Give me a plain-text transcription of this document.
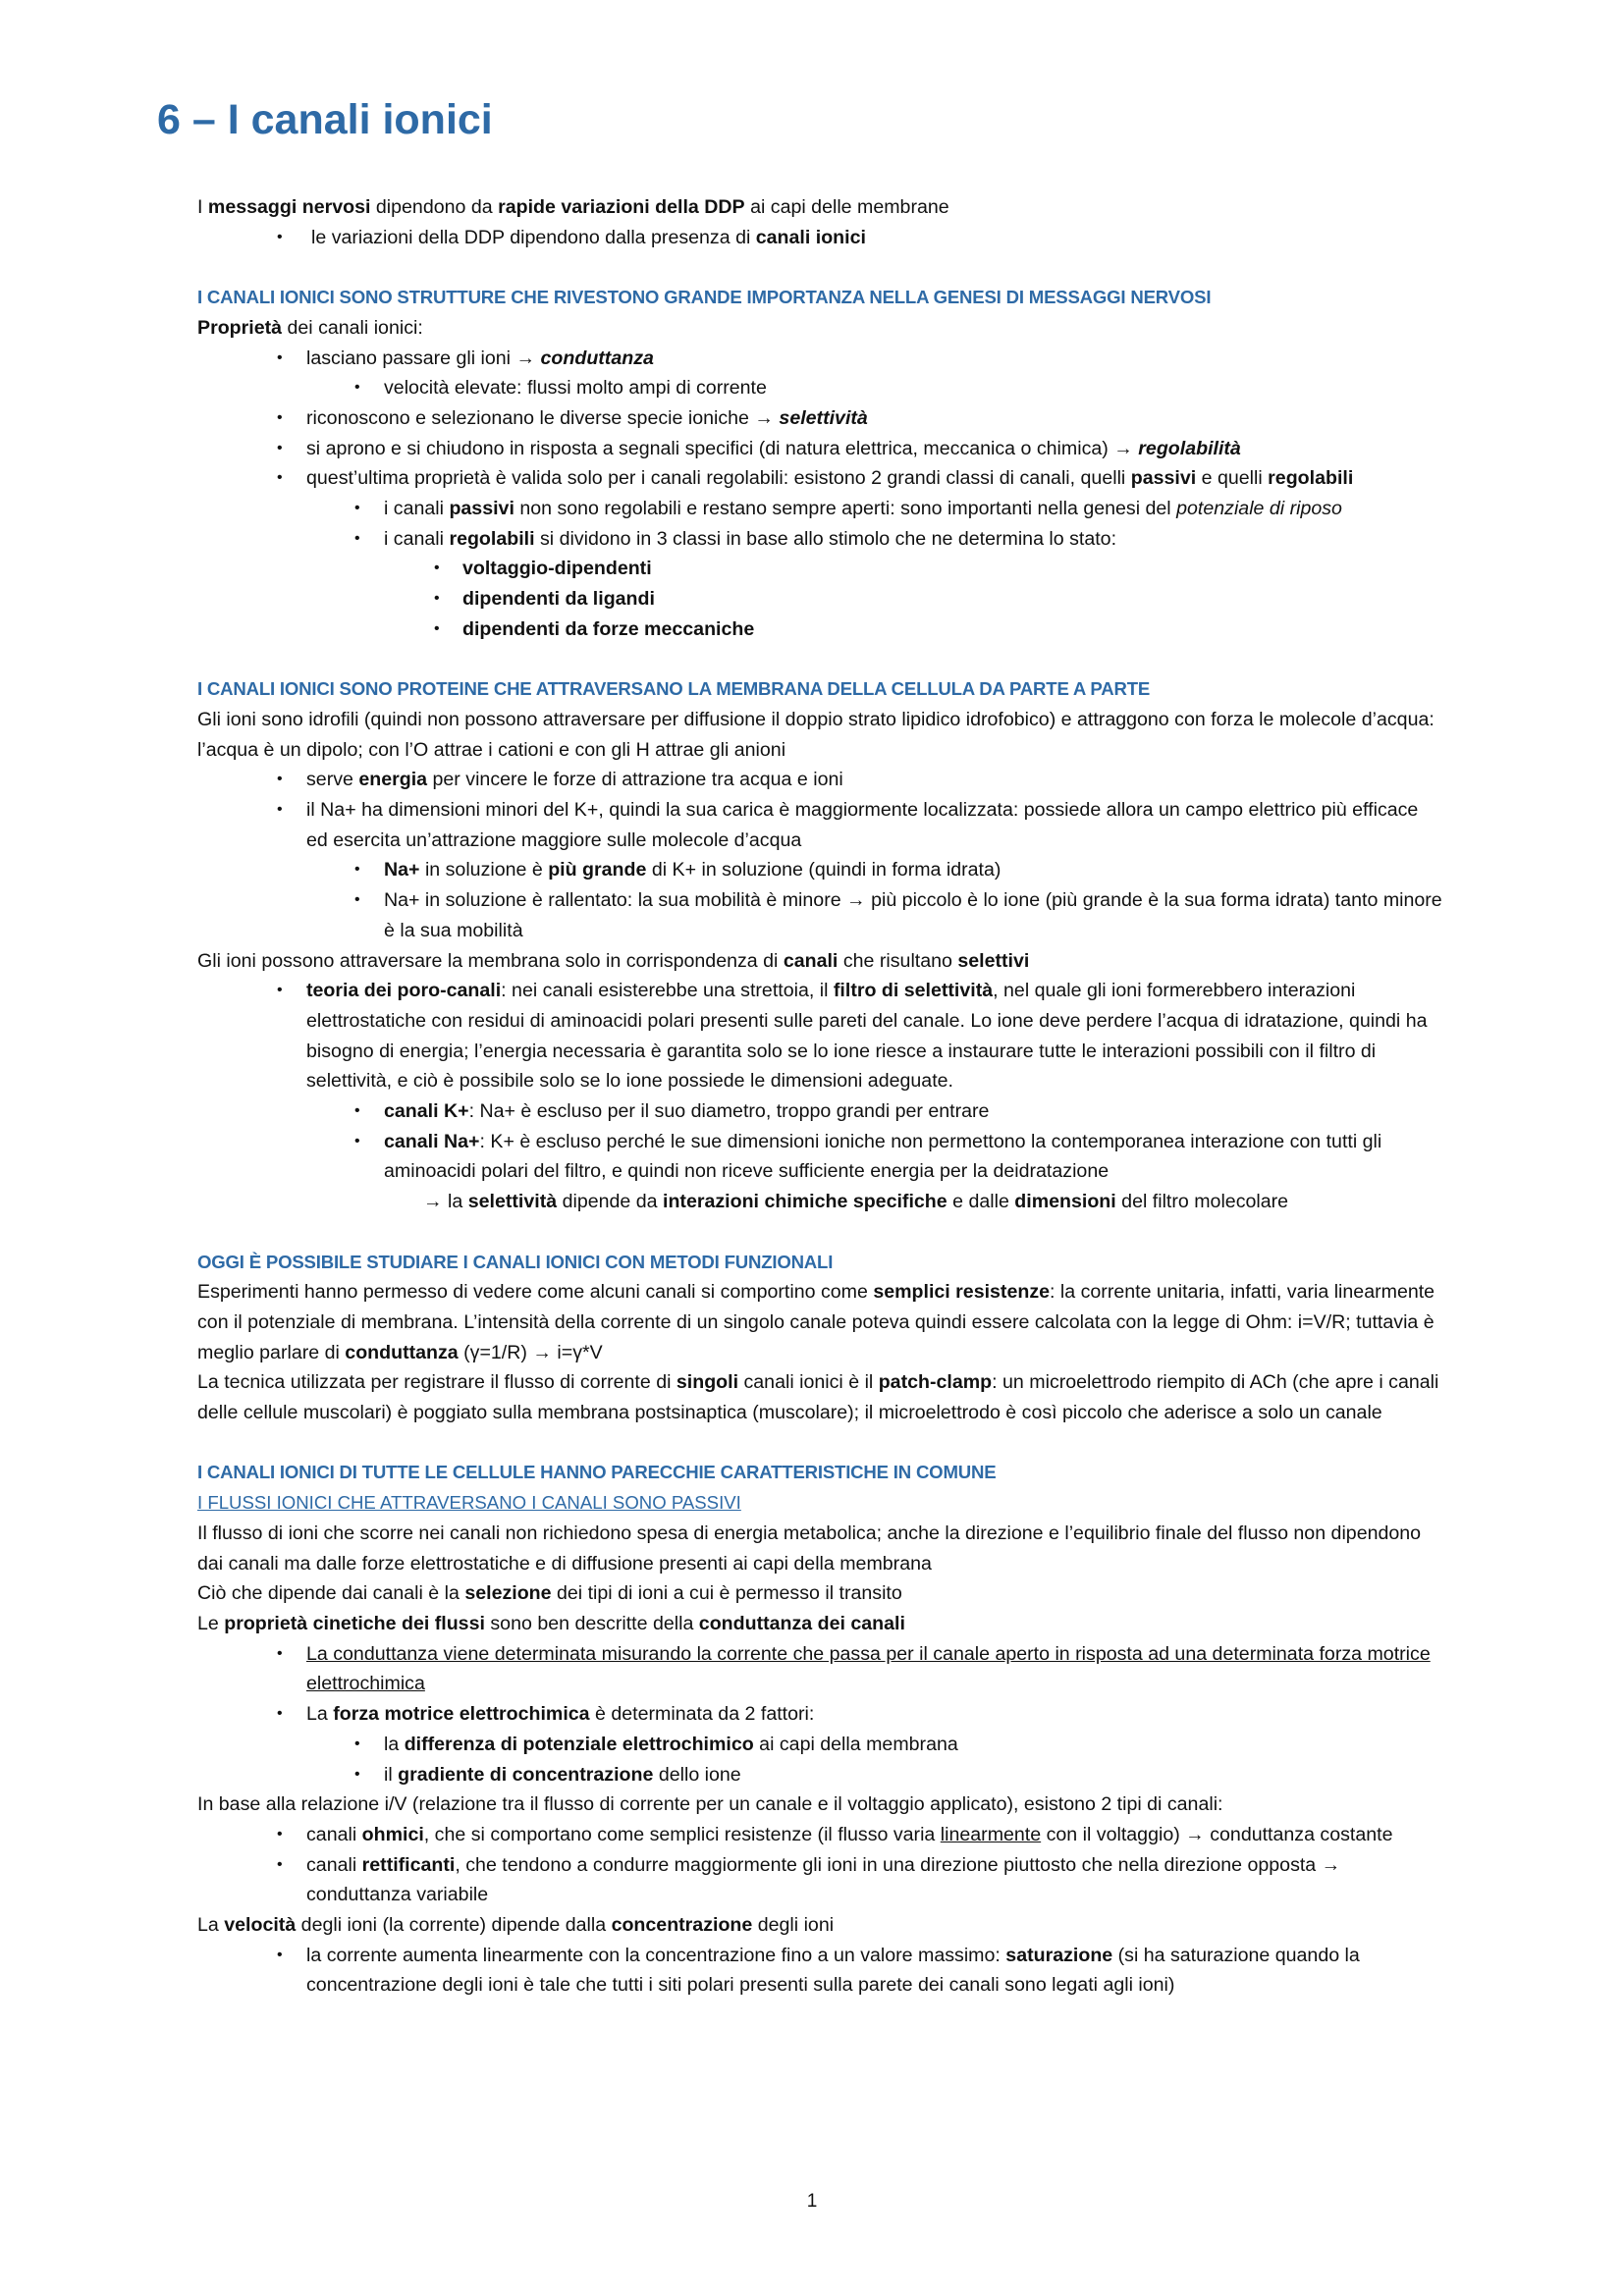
6 – I canali ionici

I messaggi nervosi dipendono da rapide variazioni della DDP ai capi delle membrane

• le variazioni della DDP dipendono dalla presenza di canali ionici

I CANALI IONICI SONO STRUTTURE CHE RIVESTONO GRANDE IMPORTANZA NELLA GENESI DI MESSAGGI NERVOSI

Proprietà dei canali ionici:

• lasciano passare gli ioni → conduttanza

• velocità elevate: flussi molto ampi di corrente

• riconoscono e selezionano le diverse specie ioniche → selettività

• si aprono e si chiudono in risposta a segnali specifici (di natura elettrica, meccanica o chimica) → regolabilità

• quest’ultima proprietà è valida solo per i canali regolabili: esistono 2 grandi classi di canali, quelli passivi e quelli regolabili

• i canali passivi non sono regolabili e restano sempre aperti: sono importanti nella genesi del potenziale di riposo

• i canali regolabili si dividono in 3 classi in base allo stimolo che ne determina lo stato:

• voltaggio-dipendenti

• dipendenti da ligandi

• dipendenti da forze meccaniche

I CANALI IONICI SONO PROTEINE CHE ATTRAVERSANO LA MEMBRANA DELLA CELLULA DA PARTE A PARTE

Gli ioni sono idrofili (quindi non possono attraversare per diffusione il doppio strato lipidico idrofobico) e attraggono con forza le molecole d’acqua: l’acqua è un dipolo; con l’O attrae i cationi e con gli H attrae gli anioni

• serve energia per vincere le forze di attrazione tra acqua e ioni

• il Na+ ha dimensioni minori del K+, quindi la sua carica è maggiormente localizzata: possiede allora un campo elettrico più efficace ed esercita un’attrazione maggiore sulle molecole d’acqua

• Na+ in soluzione è più grande di K+ in soluzione (quindi in forma idrata)

• Na+ in soluzione è rallentato: la sua mobilità è minore → più piccolo è lo ione (più grande è la sua forma idrata) tanto minore è la sua mobilità

Gli ioni possono attraversare la membrana solo in corrispondenza di canali che risultano selettivi

• teoria dei poro-canali: nei canali esisterebbe una strettoia, il filtro di selettività, nel quale gli ioni formerebbero interazioni elettrostatiche con residui di aminoacidi polari presenti sulle pareti del canale. Lo ione deve perdere l’acqua di idratazione, quindi ha bisogno di energia; l’energia necessaria è garantita solo se lo ione riesce a instaurare tutte le interazioni possibili con il filtro di selettività, e ciò è possibile solo se lo ione possiede le dimensioni adeguate.

• canali K+: Na+ è escluso per il suo diametro, troppo grandi per entrare

• canali Na+: K+ è escluso perché le sue dimensioni ioniche non permettono la contemporanea interazione con tutti gli aminoacidi polari del filtro, e quindi non riceve sufficiente energia per la deidratazione

→ la selettività dipende da interazioni chimiche specifiche e dalle dimensioni del filtro molecolare

OGGI È POSSIBILE STUDIARE I CANALI IONICI CON METODI FUNZIONALI

Esperimenti hanno permesso di vedere come alcuni canali si comportino come semplici resistenze: la corrente unitaria, infatti, varia linearmente con il potenziale di membrana. L’intensità della corrente di un singolo canale poteva quindi essere calcolata con la legge di Ohm: i=V/R; tuttavia è meglio parlare di conduttanza (γ=1/R) → i=γ*V

La tecnica utilizzata per registrare il flusso di corrente di singoli canali ionici è il patch-clamp: un microelettrodo riempito di ACh (che apre i canali delle cellule muscolari) è poggiato sulla membrana postsinaptica (muscolare); il microelettrodo è così piccolo che aderisce a solo un canale

I CANALI IONICI DI TUTTE LE CELLULE HANNO PARECCHIE CARATTERISTICHE IN COMUNE

I FLUSSI IONICI CHE ATTRAVERSANO I CANALI SONO PASSIVI

Il flusso di ioni che scorre nei canali non richiedono spesa di energia metabolica; anche la direzione e l’equilibrio finale del flusso non dipendono dai canali ma dalle forze elettrostatiche e di diffusione presenti ai capi della membrana

Ciò che dipende dai canali è la selezione dei tipi di ioni a cui è permesso il transito

Le proprietà cinetiche dei flussi sono ben descritte della conduttanza dei canali

• La conduttanza viene determinata misurando la corrente che passa per il canale aperto in risposta ad una determinata forza motrice elettrochimica

• La forza motrice elettrochimica è determinata da 2 fattori:

• la differenza di potenziale elettrochimico ai capi della membrana

• il gradiente di concentrazione dello ione

In base alla relazione i/V (relazione tra il flusso di corrente per un canale e il voltaggio applicato), esistono 2 tipi di canali:

• canali ohmici, che si comportano come semplici resistenze (il flusso varia linearmente con il voltaggio) → conduttanza costante

• canali rettificanti, che tendono a condurre maggiormente gli ioni in una direzione piuttosto che nella direzione opposta → conduttanza variabile

La velocità degli ioni (la corrente) dipende dalla concentrazione degli ioni

• la corrente aumenta linearmente con la concentrazione fino a un valore massimo: saturazione (si ha saturazione quando la concentrazione degli ioni è tale che tutti i siti polari presenti sulla parete dei canali sono legati agli ioni)

1
